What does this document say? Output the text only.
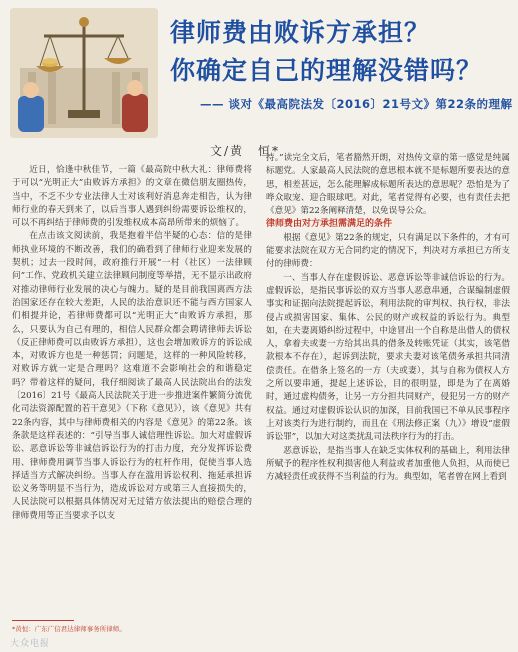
律师费由败诉方承担？
你确定自己的理解没错吗？
—— 谈对《最高院法发〔2016〕21号文》第22条的理解
文/黄　恒*

近日，恰逢中秋佳节，一篇《最高院中秋大礼：律师费将于可以“光明正大”由败诉方承担》的文章在微信朋友圈热传，当中，不乏不少专业法律人士对该利好消息奔走相告，认为律师行业的春天到来了，以后当事人遇到纠纷需要诉讼维权的，可以不再纠结于律师费的引发维权成本高昂所带来的烦恼了。

在点击该文阅读前，我是抱着半信半疑的心态：信的是律师执业环境的不断改善，我们的确看到了律师行业迎来发展的契机；过去一段时间，政府推行开展“一村（社区）一法律顾问”工作、党政机关建立法律顾问制度等举措，无不显示出政府对推动律师行业发展的决心与魄力。疑的是目前我国离西方法治国家还存在较大差距，人民的法治意识还不能与西方国家人们相提并论，若律师费都可以“光明正大”由败诉方承担，那么，只要认为自己有理的，相信人民群众都会聘请律师去诉讼（反正律师费可以由败诉方承担），这也会增加败诉方的诉讼成本，对败诉方也是一种惩罚；问题是，这样的一种风险转移，对败诉方就一定是合理吗？这难道不会影响社会的和谐稳定吗？带着这样的疑问，我仔细阅读了最高人民法院出台的法发〔2016〕21号《最高人民法院关于进一步推进案件繁简分流优化司法资源配置的若干意见》（下称《意见》），该《意见》共有22条内容，其中与律师费相关的内容是《意见》的第22条。该条款是这样表述的：“引导当事人诚信理性诉讼。加大对虚假诉讼、恶意诉讼等非诚信诉讼行为的打击力度，充分发挥诉讼费用、律师费用调节当事人诉讼行为的杠杆作用，促使当事人选择适当方式解决纠纷。当事人存在滥用诉讼权利、拖延承担诉讼义务等明显不当行为，造成诉讼对方或第三人直接损失的，人民法院可以根据具体情况对无过错方依法提出的赔偿合理的律师费用等正当要求予以支

持。”读完全文后，笔者豁然开朗，对热传文章的第一感觉是纯属标题党。人家最高人民法院的意思根本就不是标题所要表达的意思，相差甚远，怎么能理解成标题所表达的意思呢？恐怕是为了哗众取宠、迎合眼球吧。对此，笔者觉得有必要，也有责任去把《意见》第22条阐释清楚，以免误导公众。

律师费由对方承担需满足的条件

根据《意见》第22条的规定，只有满足以下条件的，才有可能要求法院在双方无合同约定的情况下，判决对方承担已方所支付的律师费：

一、当事人存在虚假诉讼、恶意诉讼等非诚信诉讼的行为。虚假诉讼，是指民事诉讼的双方当事人恶意串通，合谋编制虚假事实和证据向法院提起诉讼，利用法院的审判权、执行权，非法侵占或损害国家、集体、公民的财产或权益的诉讼行为。典型如，在夫妻离婚纠纷过程中，中途冒出一个自称是出借人的债权人，拿着夫或妻一方给其出具的借条及转账凭证（其实，该笔借款根本不存在），起诉到法院，要求夫妻对该笔债务承担共同清偿责任。在借条上签名的一方（夫或妻），其与自称为债权人方之所以要串通，提起上述诉讼，目的很明显，即是为了在离婚时，通过虚构债务，让另一方分担共同财产，侵犯另一方的财产权益。通过对虚假诉讼认识的加深，目前我国已不单从民事程序上对该类行为进行制约，而且在《刑法修正案（九）》增设“虚假诉讼罪”，以加大对这类扰乱司法秩序行为的打击。

恶意诉讼，是指当事人在缺乏实体权利的基础上，利用法律所赋予的程序性权利损害他人利益或者加重他人负担，从而使已方减轻责任或获得不当利益的行为。典型如，笔者曾在网上看到

*黄恒：广东广信君达律师事务所律师。
大众电报
